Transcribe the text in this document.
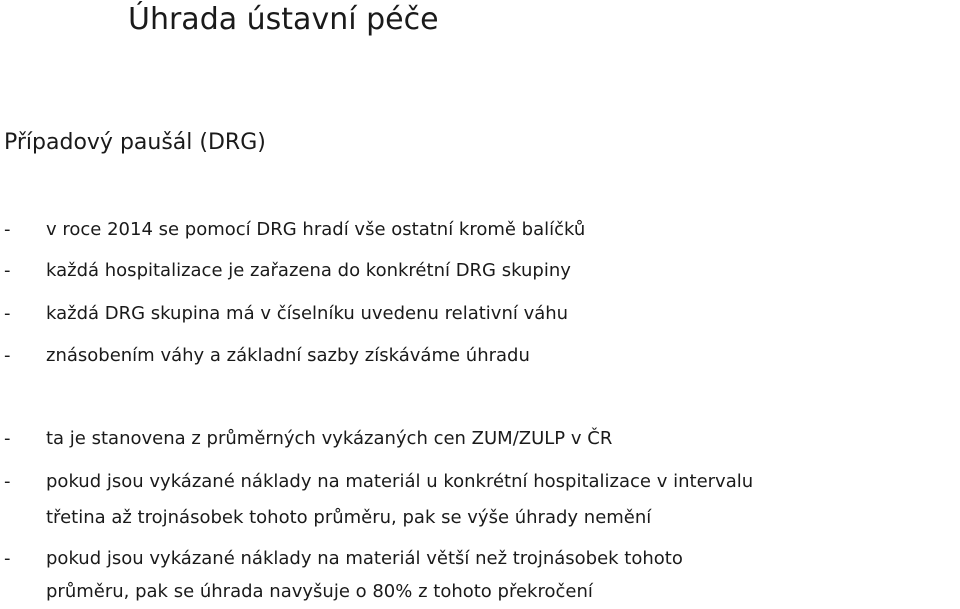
Úhrada ústavní péče
Případový paušál (DRG)
- v roce 2014 se pomocí DRG hradí vše ostatní kromě balíčků
- každá hospitalizace je zařazena do konkrétní DRG skupiny
- každá DRG skupina má v číselníku uvedenu relativní váhu
- znásobením váhy a základní sazby získáváme úhradu
- ta je stanovena z průměrných vykázaných cen ZUM/ZULP v ČR
- pokud jsou vykázané náklady na materiál u konkrétní hospitalizace v intervalu
třetina až trojnásobek tohoto průměru, pak se výše úhrady nemění
- pokud jsou vykázané náklady na materiál větší než trojnásobek tohoto
průměru, pak se úhrada navyšuje o 80% z tohoto překročení
